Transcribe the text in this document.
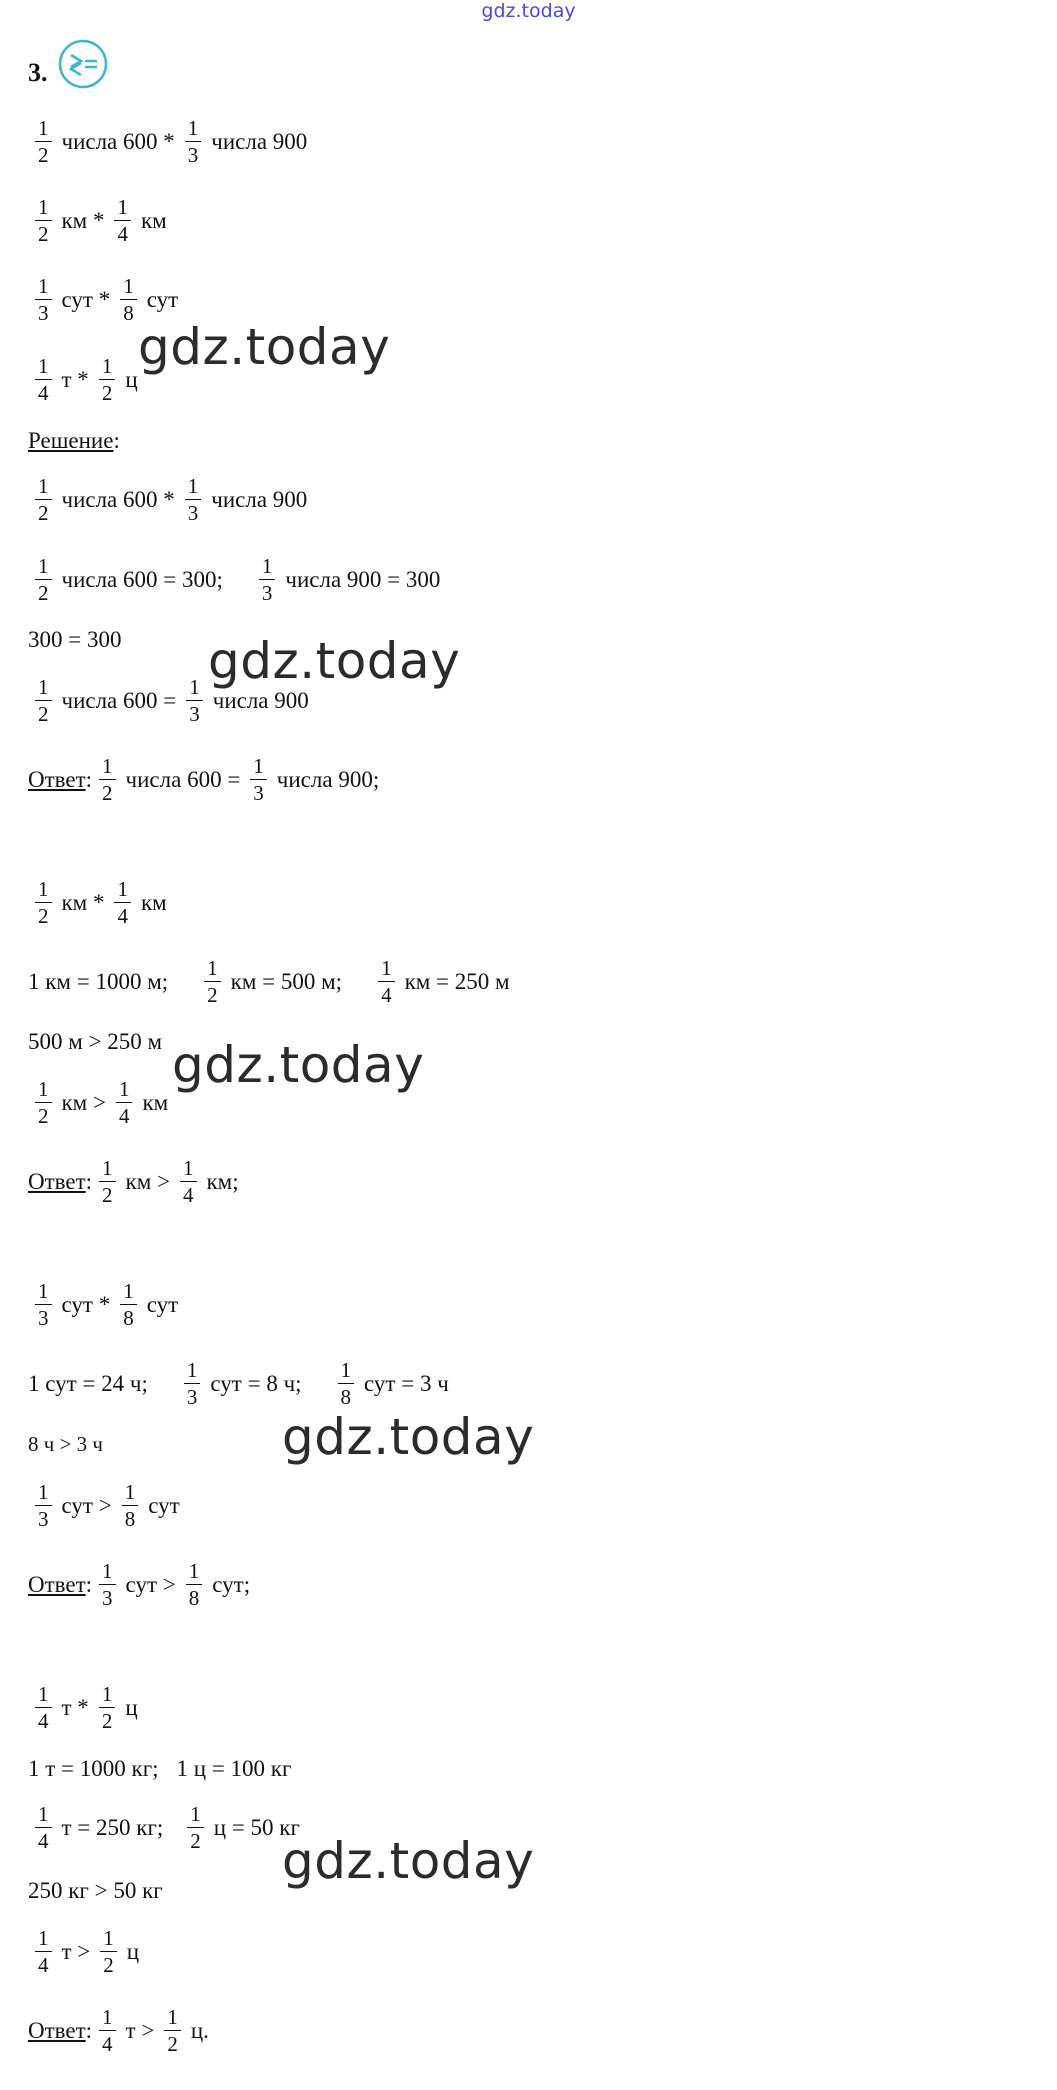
gdz.today
3.
$\frac{1}{2}$ числа $600 * \frac{1}{3}$ числа 900
$\frac{1}{2}$ км * $\frac{1}{4}$ км
$\frac{1}{3}$ сут * $\frac{1}{8}$ сут
$\frac{1}{4}$ т * $\frac{1}{2}$ ц
gdz.today
Решение:
$\frac{1}{2}$ числа $600 * \frac{1}{3}$ числа 900
$\frac{1}{2}$ числа 600 = 300; $\frac{1}{3}$ числа 900 = 300
300 = 300
$\frac{1}{2}$ числа $600 = \frac{1}{3}$ числа 900
gdz.today
Ответ : $\frac{1}{2}$ числа $600 = \frac{1}{3}$ числа 900;
$\frac{1}{2}$ км * $\frac{1}{4}$ км
1 км = 1000 м; $\frac{1}{2}$ км = 500 м; $\frac{1}{4}$ км = 250 м
500 м > 250 м
$\frac{1}{2}$ км > $\frac{1}{4}$ км
gdz.today
Ответ : $\frac{1}{2}$ км > $\frac{1}{4}$ км;
$\frac{1}{3}$ сут * $\frac{1}{8}$ сут
1 сут = 24 ч; $\frac{1}{3}$ сут = 8 ч; $\frac{1}{8}$ сут = 3 ч
8 ч > 3 ч	gdz.today
$\frac{1}{3}$ сут > $\frac{1}{8}$ сут
Ответ : $\frac{1}{3}$ сут > $\frac{1}{8}$ сут;
$\frac{1}{4}$ т * $\frac{1}{2}$ ц
1 т = 1000 кг; 1 ц = 100 кг
$\frac{1}{4}$ т = 250 кг; $\frac{1}{2}$ ц = 50 кг
gdz.today
250 кг > 50 кг
$\frac{1}{4}$ $т > \frac{1}{2}$ ц
Ответ : $\frac{1}{4}$ $т > \frac{1}{2} ц$.
